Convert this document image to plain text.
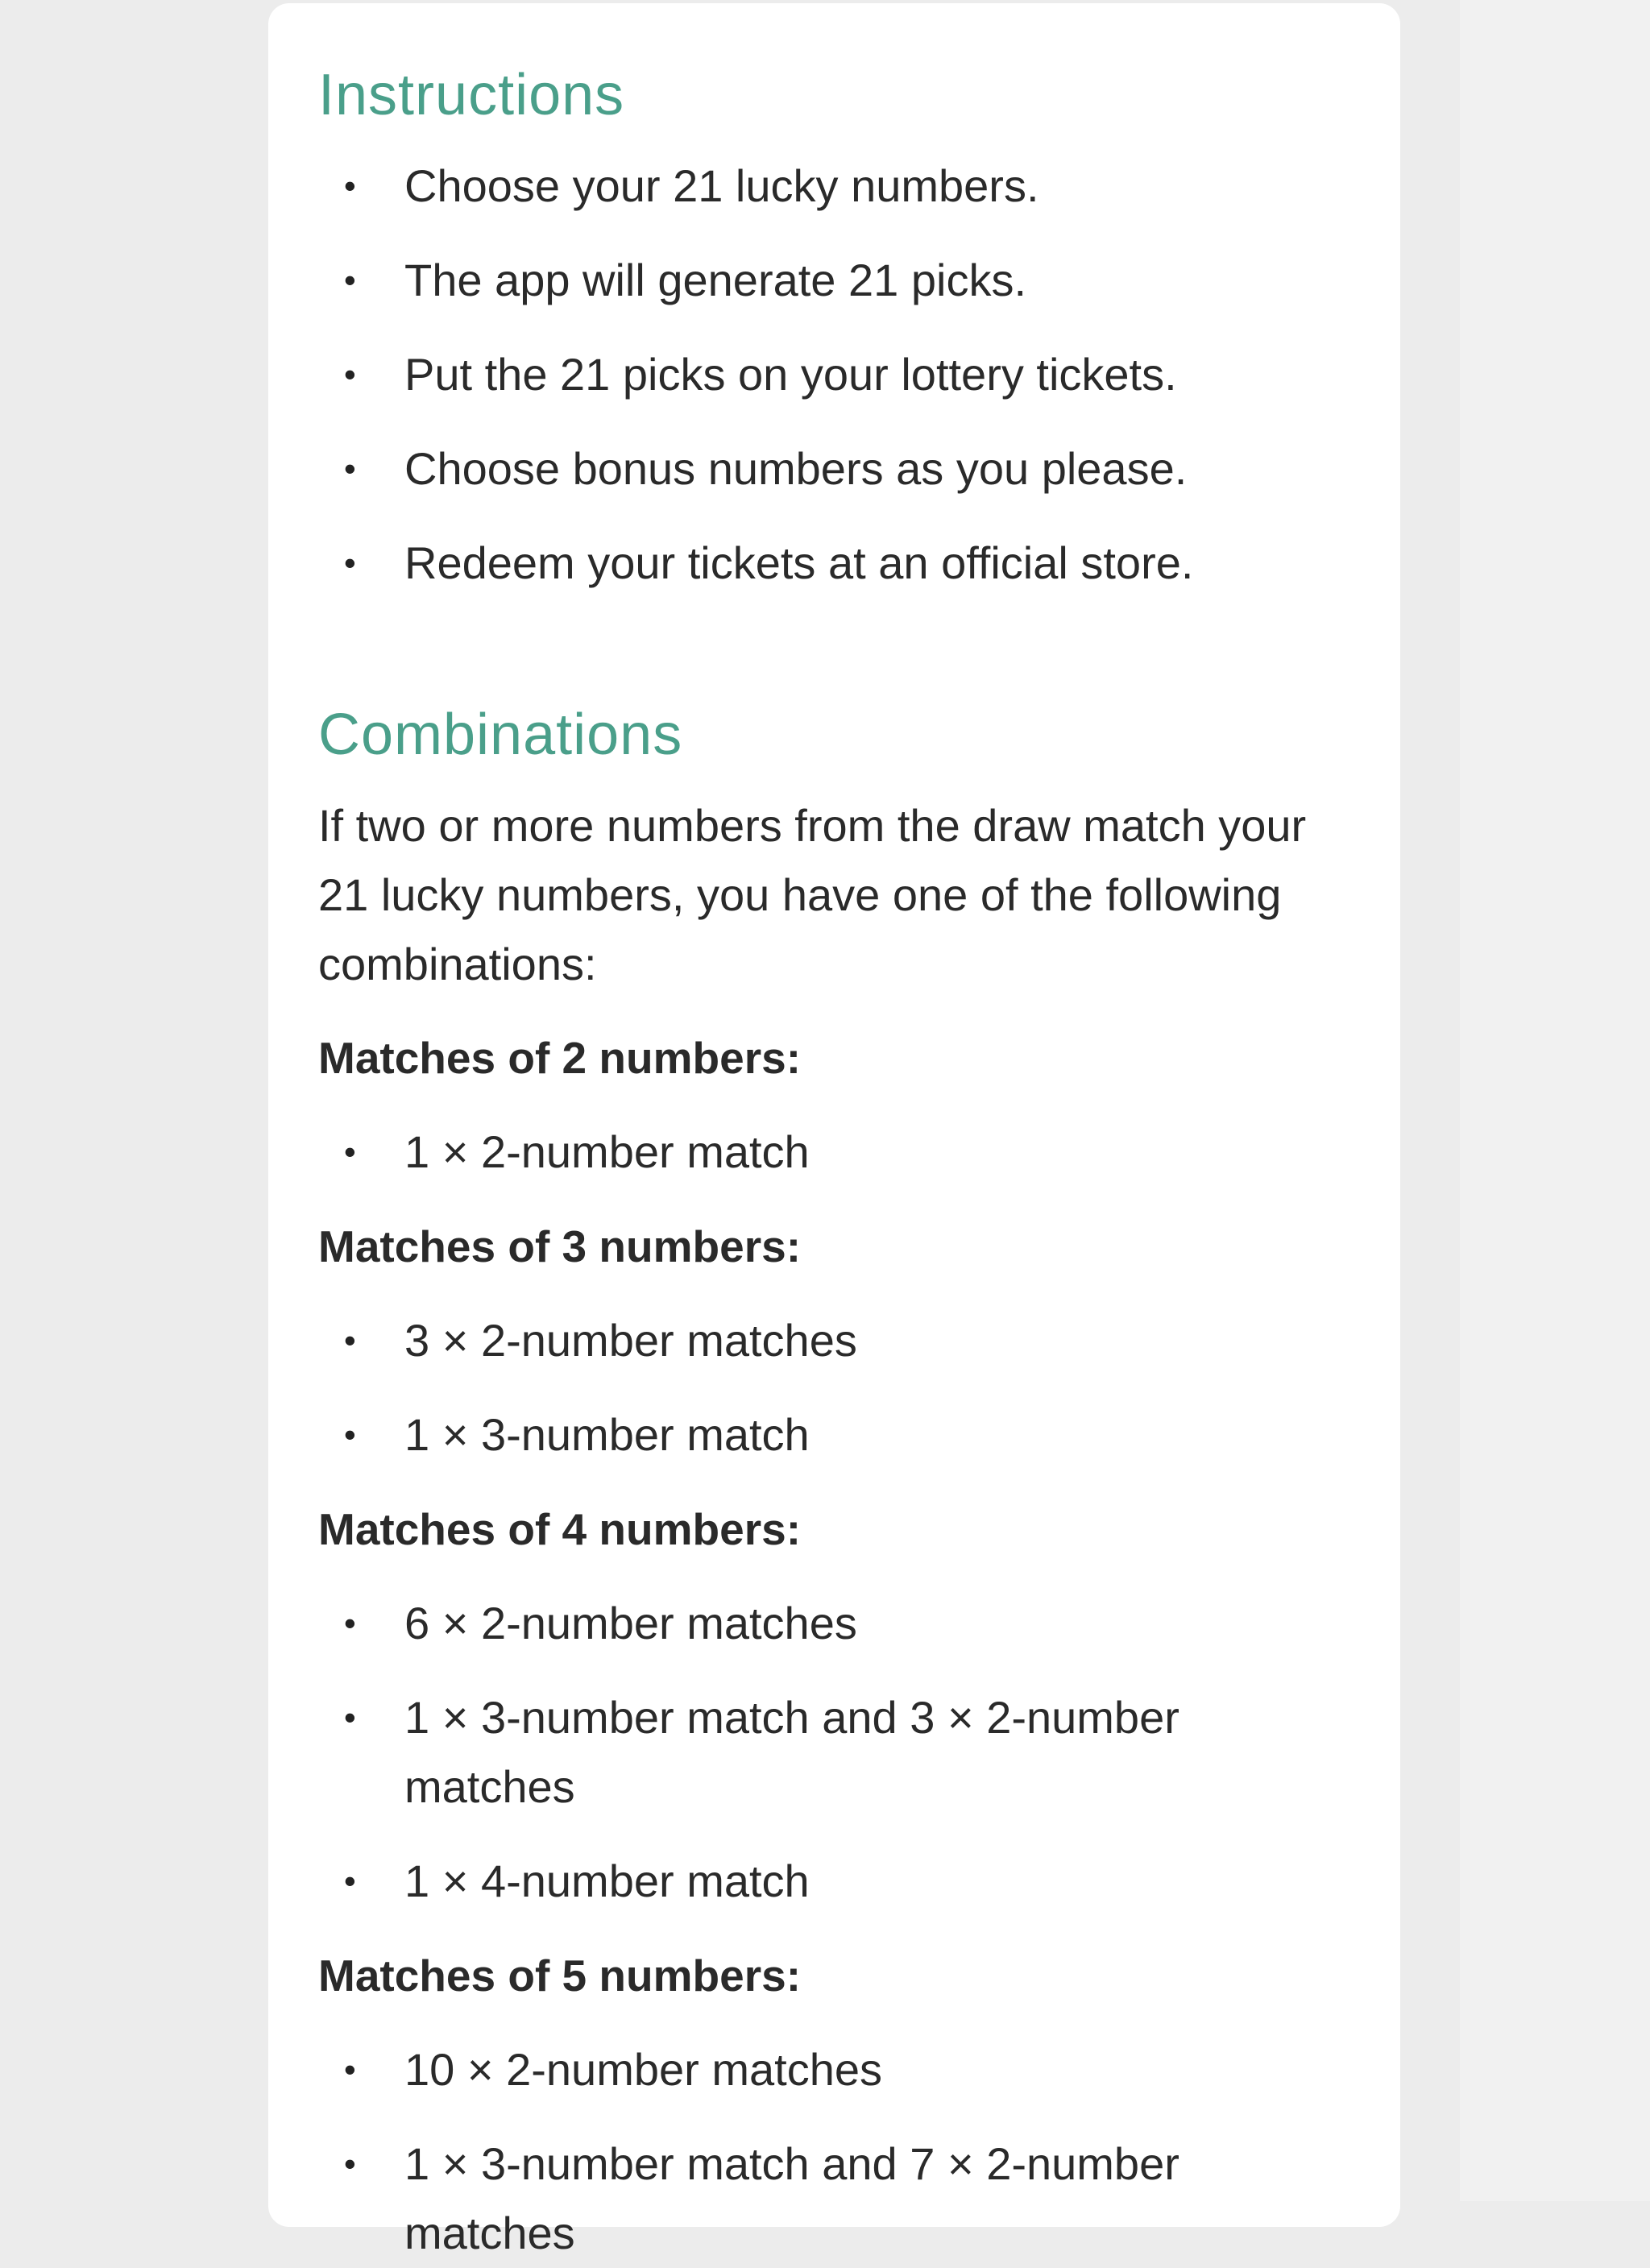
Instructions
• Choose your 21 lucky numbers.
• The app will generate 21 picks.
• Put the 21 picks on your lottery tickets.
• Choose bonus numbers as you please.
• Redeem your tickets at an official store.
Combinations

If two or more numbers from the draw match your 21 lucky numbers, you have one of the following combinations:

Matches of 2 numbers:

• 1 × 2-number match

Matches of 3 numbers:

• 3 × 2-number matches
• 1 × 3-number match

Matches of 4 numbers:

• 6 × 2-number matches
• 1 × 3-number match and 3 × 2-number matches
• 1 × 4-number match

Matches of 5 numbers:

• 10 × 2-number matches
• 1 × 3-number match and 7 × 2-number matches
